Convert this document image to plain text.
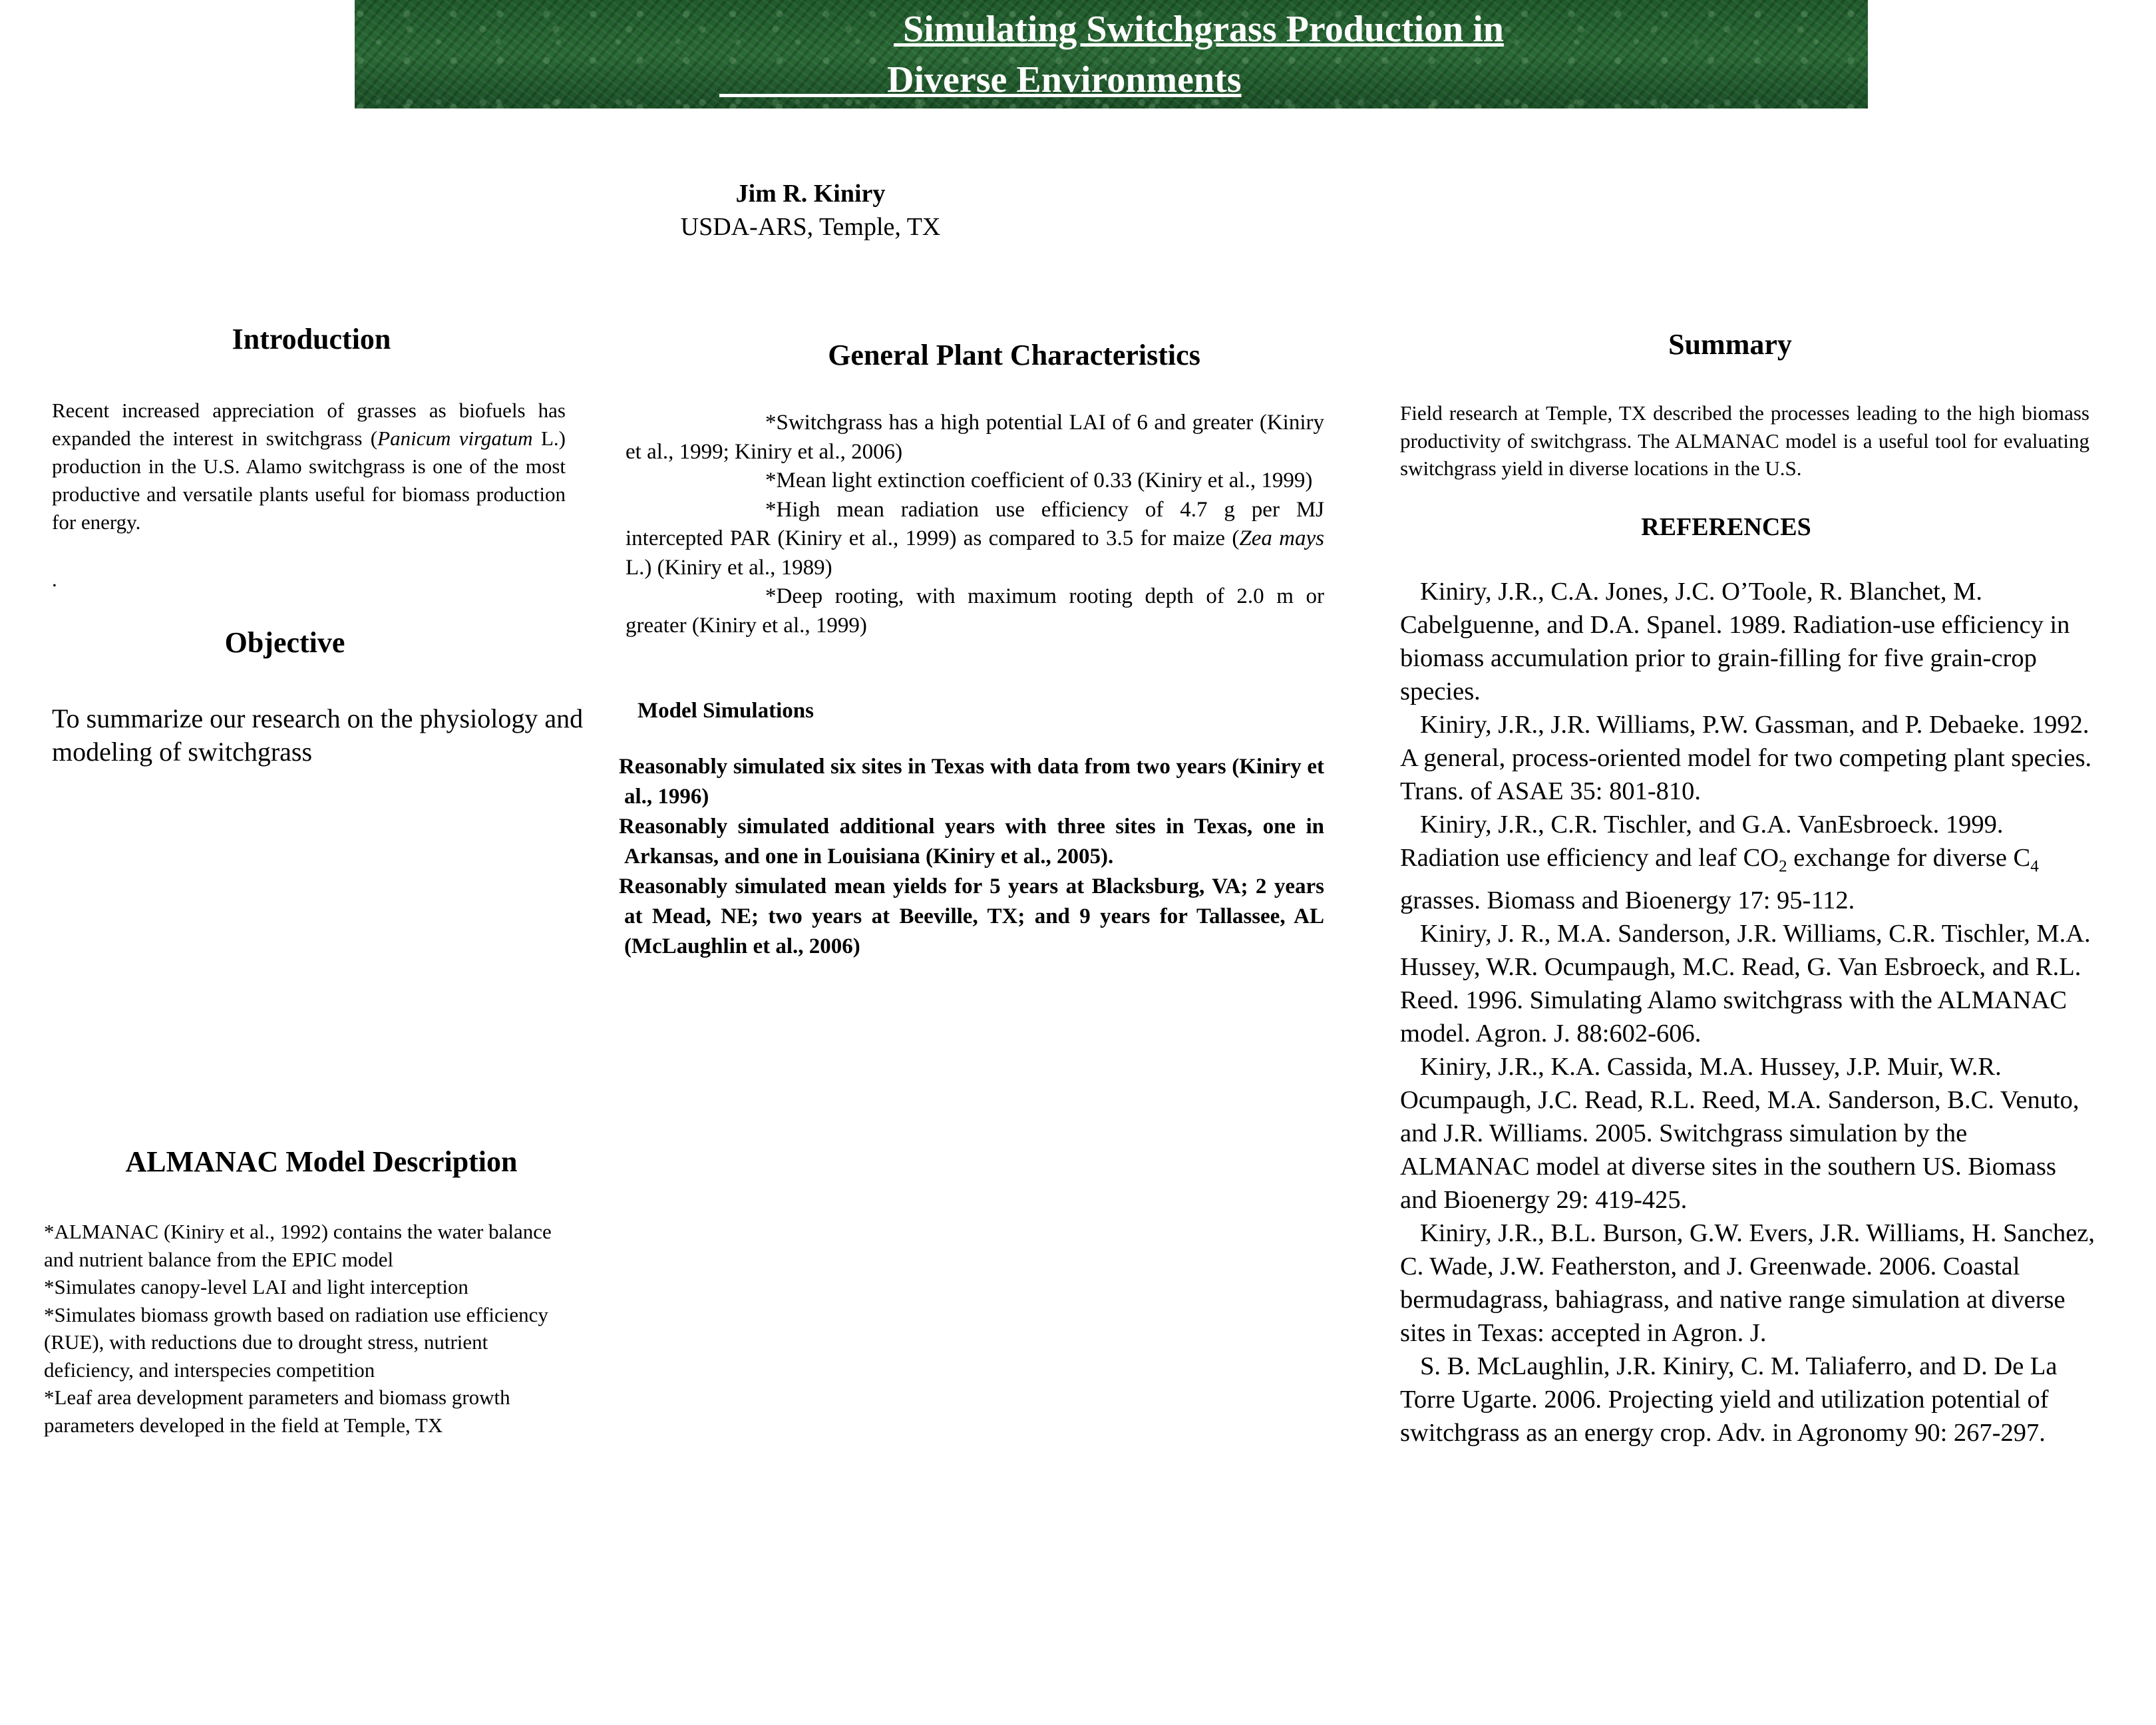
Simulating Switchgrass Production in
Diverse Environments
Jim R. Kiniry
USDA-ARS, Temple, TX
Introduction
Recent increased appreciation of grasses as biofuels has expanded the interest in switchgrass (Panicum virgatum L.) production in the U.S. Alamo switchgrass is one of the most productive and versatile plants useful for biomass production for energy.
.
Objective
To summarize our research on the physiology and modeling of switchgrass
ALMANAC Model Description
*ALMANAC (Kiniry et al., 1992) contains the water balance and nutrient balance from the EPIC model
*Simulates canopy-level LAI and light interception
*Simulates biomass growth based on radiation use efficiency (RUE), with reductions due to drought stress, nutrient deficiency, and interspecies competition
*Leaf area development parameters and biomass growth parameters developed in the field at Temple, TX
General Plant Characteristics
*Switchgrass has a high potential LAI of 6 and greater (Kiniry et al., 1999; Kiniry et al., 2006)
*Mean light extinction coefficient of 0.33 (Kiniry et al., 1999)
*High mean radiation use efficiency of 4.7 g per MJ intercepted PAR (Kiniry et al., 1999) as compared to 3.5 for maize (Zea mays L.) (Kiniry et al., 1989)
*Deep rooting, with maximum rooting depth of 2.0 m or greater (Kiniry et al., 1999)
Model Simulations
Reasonably simulated six sites in Texas with data from two years (Kiniry et al., 1996)
Reasonably simulated additional years with three sites in Texas, one in Arkansas, and one in Louisiana (Kiniry et al., 2005).
Reasonably simulated mean yields for 5 years at Blacksburg, VA; 2 years at Mead, NE; two years at Beeville, TX; and 9 years for Tallassee, AL (McLaughlin et al., 2006)
Summary
Field research at Temple, TX described the processes leading to the high biomass productivity of switchgrass. The ALMANAC model is a useful tool for evaluating switchgrass yield in diverse locations in the U.S.
REFERENCES
Kiniry, J.R., C.A. Jones, J.C. O’Toole, R. Blanchet, M. Cabelguenne, and D.A. Spanel. 1989. Radiation-use efficiency in biomass accumulation prior to grain-filling for five grain-crop species.
Kiniry, J.R., J.R. Williams, P.W. Gassman, and P. Debaeke. 1992. A general, process-oriented model for two competing plant species. Trans. of ASAE 35: 801-810.
Kiniry, J.R., C.R. Tischler, and G.A. VanEsbroeck. 1999. Radiation use efficiency and leaf $CO_2$ exchange for diverse $C_4$ grasses. Biomass and Bioenergy 17: 95-112.
Kiniry, J. R., M.A. Sanderson, J.R. Williams, C.R. Tischler, M.A. Hussey, W.R. Ocumpaugh, M.C. Read, G. Van Esbroeck, and R.L. Reed. 1996. Simulating Alamo switchgrass with the ALMANAC model. Agron. J. 88:602-606.
Kiniry, J.R., K.A. Cassida, M.A. Hussey, J.P. Muir, W.R. Ocumpaugh, J.C. Read, R.L. Reed, M.A. Sanderson, B.C. Venuto, and J.R. Williams. 2005. Switchgrass simulation by the ALMANAC model at diverse sites in the southern US. Biomass and Bioenergy 29: 419-425.
Kiniry, J.R., B.L. Burson, G.W. Evers, J.R. Williams, H. Sanchez, C. Wade, J.W. Featherston, and J. Greenwade. 2006. Coastal bermudagrass, bahiagrass, and native range simulation at diverse sites in Texas: accepted in Agron. J.
S. B. McLaughlin, J.R. Kiniry, C. M. Taliaferro, and D. De La Torre Ugarte. 2006. Projecting yield and utilization potential of switchgrass as an energy crop. Adv. in Agronomy 90: 267-297.
